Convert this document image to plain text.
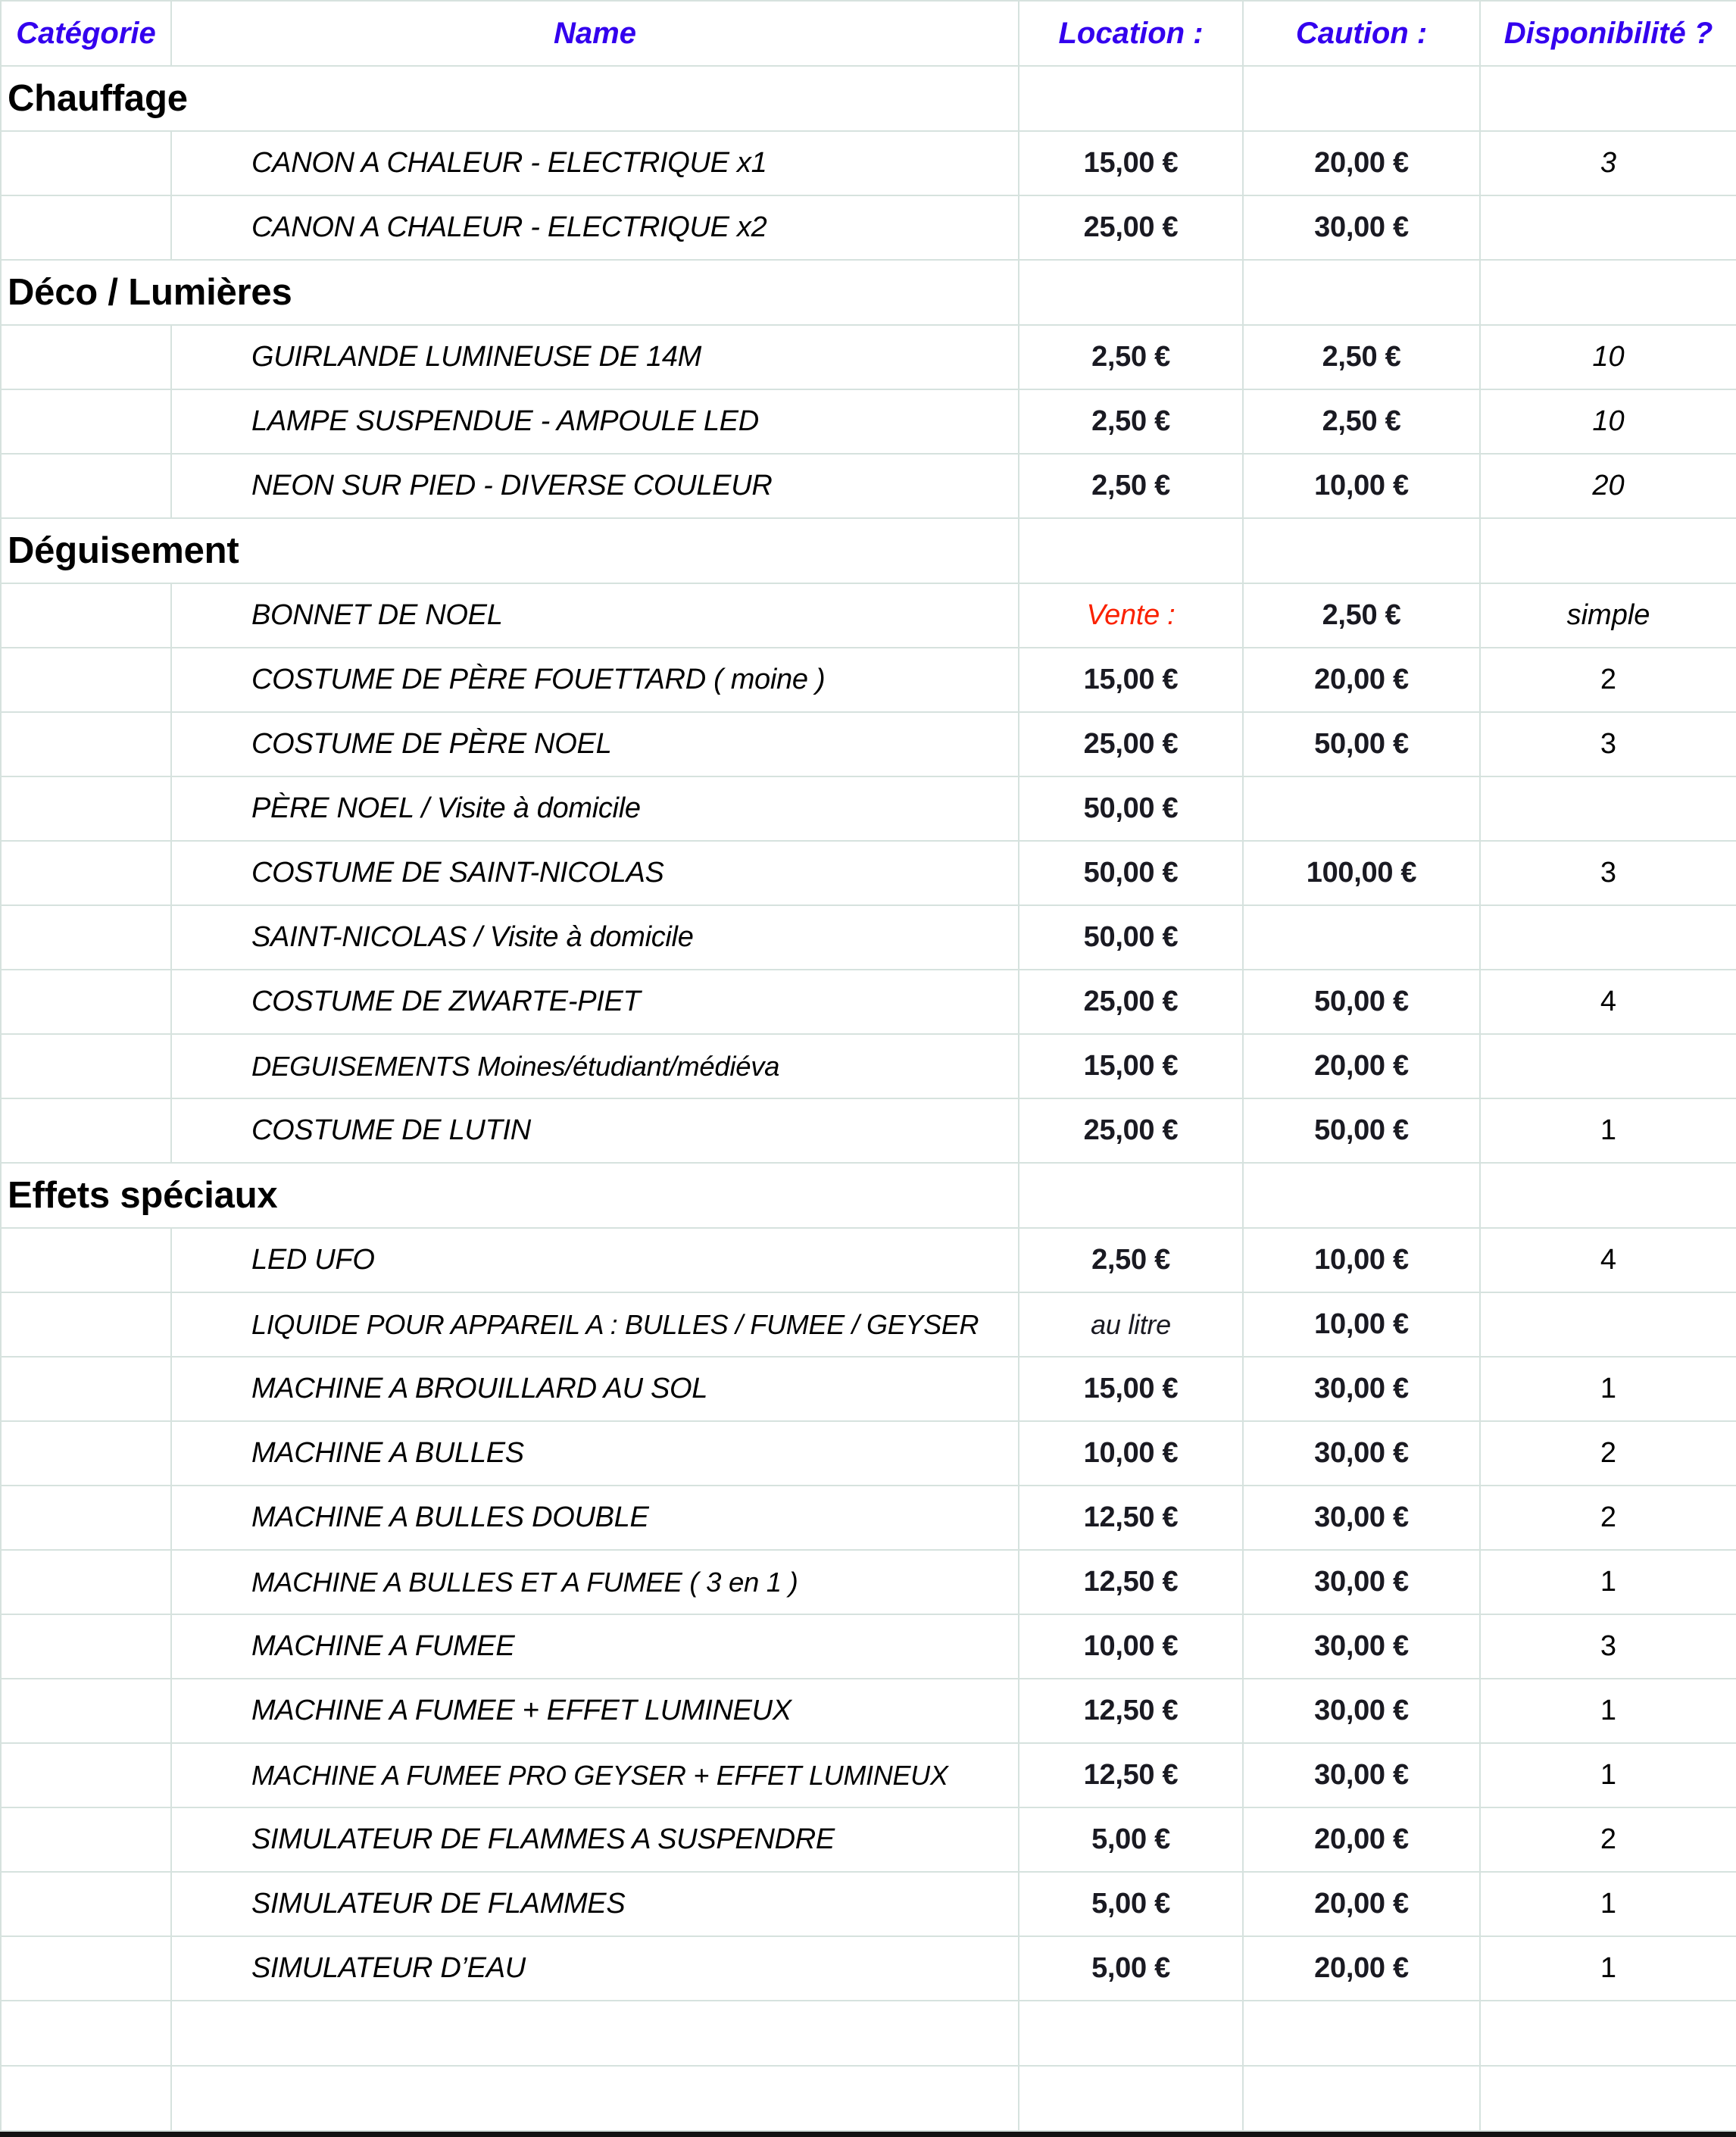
Catégorie	Name	Location :	Caution :	Disponibilité ?

Chauffage				

	CANON A CHALEUR - ELECTRIQUE x1	15,00 €	20,00 €	3

	CANON A CHALEUR - ELECTRIQUE x2	25,00 €	30,00 €	

Déco / Lumières				

	GUIRLANDE LUMINEUSE DE 14M	2,50 €	2,50 €	10

	LAMPE SUSPENDUE - AMPOULE LED	2,50 €	2,50 €	10

	NEON SUR PIED - DIVERSE COULEUR	2,50 €	10,00 €	20

Déguisement				

	BONNET DE NOEL	Vente :	2,50 €	simple

	COSTUME DE PÈRE FOUETTARD ( moine )	15,00 €	20,00 €	2

	COSTUME DE PÈRE NOEL	25,00 €	50,00 €	3

	PÈRE NOEL / Visite à domicile	50,00 €		

	COSTUME DE SAINT-NICOLAS	50,00 €	100,00 €	3

	SAINT-NICOLAS / Visite à domicile	50,00 €		

	COSTUME DE ZWARTE-PIET	25,00 €	50,00 €	4

	DEGUISEMENTS Moines/étudiant/médiéva	15,00 €	20,00 €	

	COSTUME DE LUTIN	25,00 €	50,00 €	1

Effets spéciaux				

	LED UFO	2,50 €	10,00 €	4

	LIQUIDE POUR APPAREIL A : BULLES / FUMEE / GEYSER	au litre	10,00 €	

	MACHINE A BROUILLARD AU SOL	15,00 €	30,00 €	1

	MACHINE A BULLES	10,00 €	30,00 €	2

	MACHINE A BULLES DOUBLE	12,50 €	30,00 €	2

	MACHINE A BULLES ET A FUMEE ( 3 en 1 )	12,50 €	30,00 €	1

	MACHINE A FUMEE	10,00 €	30,00 €	3

	MACHINE A FUMEE + EFFET LUMINEUX	12,50 €	30,00 €	1

	MACHINE A FUMEE PRO GEYSER + EFFET LUMINEUX	12,50 €	30,00 €	1

	SIMULATEUR DE FLAMMES A SUSPENDRE	5,00 €	20,00 €	2

	SIMULATEUR DE FLAMMES	5,00 €	20,00 €	1

	SIMULATEUR D’EAU	5,00 €	20,00 €	1
